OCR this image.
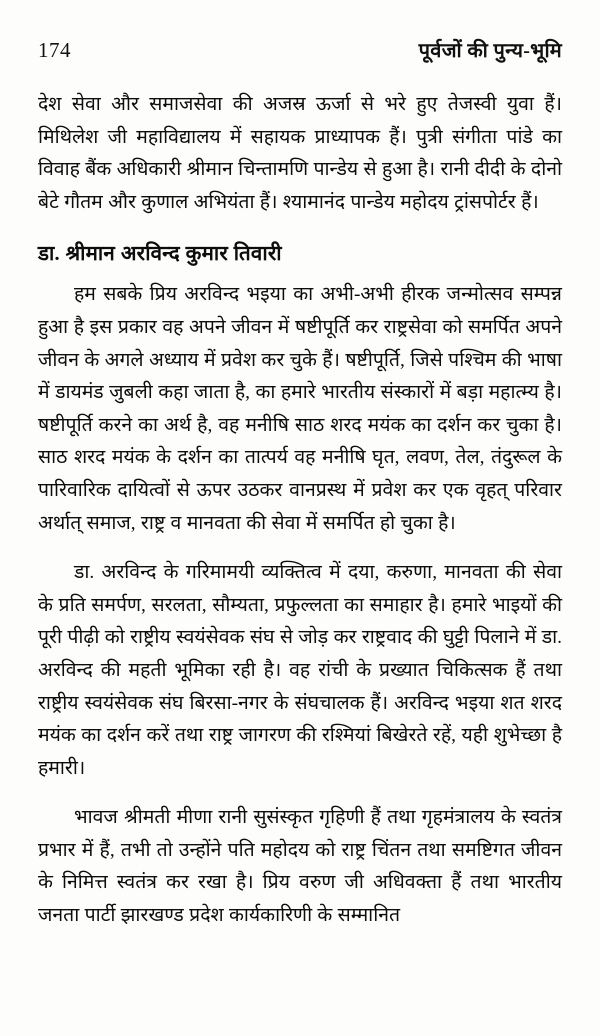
174	पूर्वजों की पुन्य-भूमि

देश सेवा और समाजसेवा की अजस्र ऊर्जा से भरे हुए तेजस्वी युवा हैं। मिथिलेश जी महाविद्यालय में सहायक प्राध्यापक हैं। पुत्री संगीता पांडे का विवाह बैंक अधिकारी श्रीमान चिन्तामणि पान्डेय से हुआ है। रानी दीदी के दोनो बेटे गौतम और कुणाल अभियंता हैं। श्यामानंद पान्डेय महोदय ट्रांसपोर्टर हैं।

डा. श्रीमान अरविन्द कुमार तिवारी

हम सबके प्रिय अरविन्द भइया का अभी-अभी हीरक जन्मोत्सव सम्पन्न हुआ है इस प्रकार वह अपने जीवन में षष्टीपूर्ति कर राष्ट्रसेवा को समर्पित अपने जीवन के अगले अध्याय में प्रवेश कर चुके हैं। षष्टीपूर्ति, जिसे पश्चिम की भाषा में डायमंड जुबली कहा जाता है, का हमारे भारतीय संस्कारों में बड़ा महात्म्य है। षष्टीपूर्ति करने का अर्थ है, वह मनीषि साठ शरद मयंक का दर्शन कर चुका है। साठ शरद मयंक के दर्शन का तात्पर्य वह मनीषि घृत, लवण, तेल, तंदुरूल के पारिवारिक दायित्वों से ऊपर उठकर वानप्रस्थ में प्रवेश कर एक वृहत् परिवार अर्थात् समाज, राष्ट्र व मानवता की सेवा में समर्पित हो चुका है।

डा. अरविन्द के गरिमामयी व्यक्तित्व में दया, करुणा, मानवता की सेवा के प्रति समर्पण, सरलता, सौम्यता, प्रफुल्लता का समाहार है। हमारे भाइयों की पूरी पीढ़ी को राष्ट्रीय स्वयंसेवक संघ से जोड़ कर राष्ट्रवाद की घुट्टी पिलाने में डा. अरविन्द की महती भूमिका रही है। वह रांची के प्रख्यात चिकित्सक हैं तथा राष्ट्रीय स्वयंसेवक संघ बिरसा-नगर के संघचालक हैं। अरविन्द भइया शत शरद मयंक का दर्शन करें तथा राष्ट्र जागरण की रश्मियां बिखेरते रहें, यही शुभेच्छा है हमारी।

भावज श्रीमती मीणा रानी सुसंस्कृत गृहिणी हैं तथा गृहमंत्रालय के स्वतंत्र प्रभार में हैं, तभी तो उन्होंने पति महोदय को राष्ट्र चिंतन तथा समष्टिगत जीवन के निमित्त स्वतंत्र कर रखा है। प्रिय वरुण जी अधिवक्ता हैं तथा भारतीय जनता पार्टी झारखण्ड प्रदेश कार्यकारिणी के सम्मानित
